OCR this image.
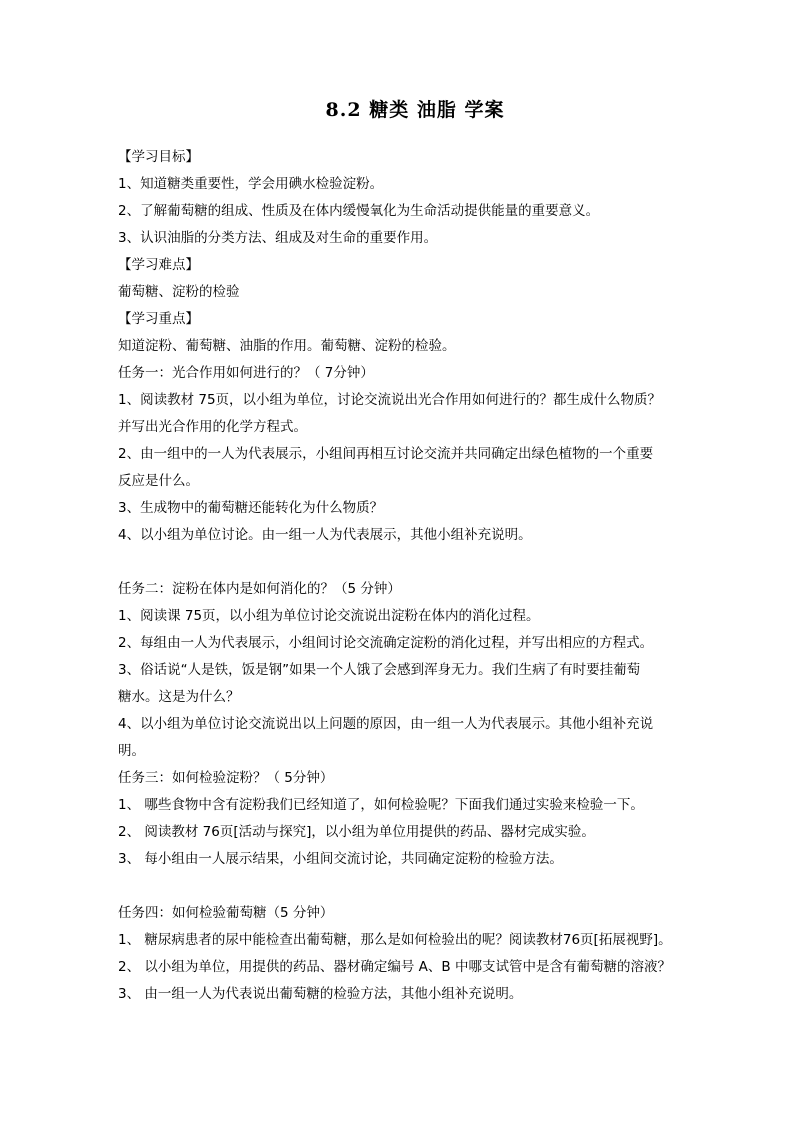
8.2 糖类 油脂 学案

【学习目标】

1、知道糖类重要性，学会用碘水检验淀粉。

2、了解葡萄糖的组成、性质及在体内缓慢氧化为生命活动提供能量的重要意义。

3、认识油脂的分类方法、组成及对生命的重要作用。

【学习难点】

葡萄糖、淀粉的检验

【学习重点】

知道淀粉、葡萄糖、油脂的作用。葡萄糖、淀粉的检验。

任务一：光合作用如何进行的？（ 7分钟）

1、阅读教材 75页，以小组为单位，讨论交流说出光合作用如何进行的？都生成什么物质？

并写出光合作用的化学方程式。

2、由一组中的一人为代表展示，小组间再相互讨论交流并共同确定出绿色植物的一个重要

反应是什么。

3、生成物中的葡萄糖还能转化为什么物质？

4、以小组为单位讨论。由一组一人为代表展示，其他小组补充说明。

任务二：淀粉在体内是如何消化的？（5 分钟）

1、阅读课 75页，以小组为单位讨论交流说出淀粉在体内的消化过程。

2、每组由一人为代表展示，小组间讨论交流确定淀粉的消化过程，并写出相应的方程式。

3、俗话说“人是铁，饭是钢”如果一个人饿了会感到浑身无力。我们生病了有时要挂葡萄

糖水。这是为什么？

4、以小组为单位讨论交流说出以上问题的原因，由一组一人为代表展示。其他小组补充说

明。

任务三：如何检验淀粉？（ 5分钟）

1、 哪些食物中含有淀粉我们已经知道了，如何检验呢？下面我们通过实验来检验一下。

2、 阅读教材 76页[活动与探究]，以小组为单位用提供的药品、器材完成实验。

3、 每小组由一人展示结果，小组间交流讨论，共同确定淀粉的检验方法。

任务四：如何检验葡萄糖（5 分钟）

1、 糖尿病患者的尿中能检查出葡萄糖，那么是如何检验出的呢？阅读教材76页[拓展视野]。

2、 以小组为单位，用提供的药品、器材确定编号 A、B 中哪支试管中是含有葡萄糖的溶液？

3、 由一组一人为代表说出葡萄糖的检验方法，其他小组补充说明。
